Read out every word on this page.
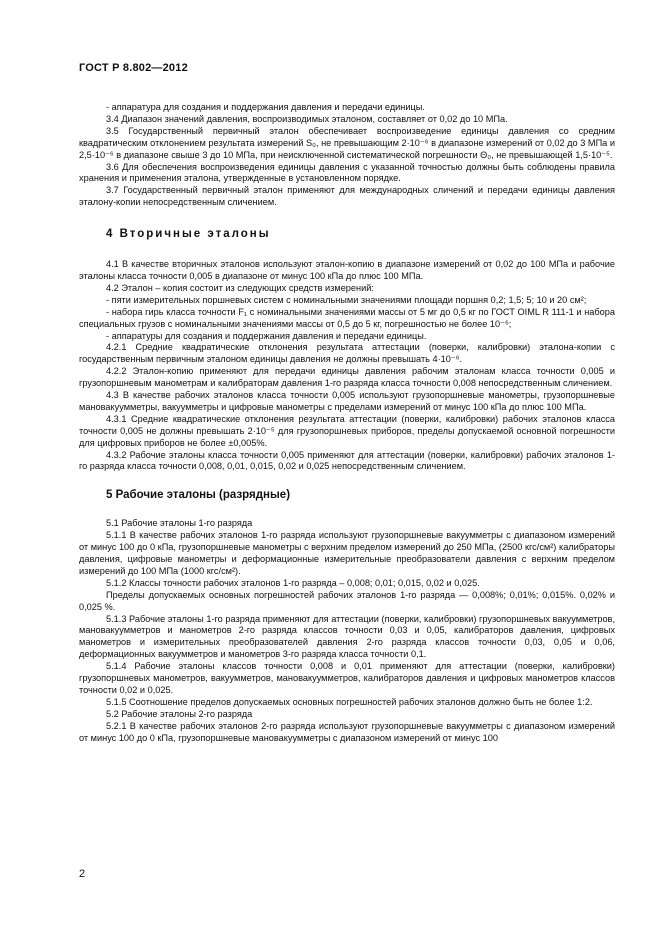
ГОСТ Р 8.802—2012

- аппаратура для создания и поддержания давления и передачи единицы.

3.4 Диапазон значений давления, воспроизводимых эталоном, составляет от 0,02 до 10 МПа.

3.5 Государственный первичный эталон обеспечивает воспроизведение единицы давления со средним квадратическим отклонением результата измерений S₀, не превышающим 2·10⁻⁶ в диапазоне измерений от 0,02 до 3 МПа и 2,5·10⁻⁶ в диапазоне свыше 3 до 10 МПа, при неисключенной систематической погрешности Θ₀, не превышающей 1,5·10⁻⁵.

3.6 Для обеспечения воспроизведения единицы давления с указанной точностью должны быть соблюдены правила хранения и применения эталона, утвержденные в установленном порядке.

3.7 Государственный первичный эталон применяют для международных сличений и передачи единицы давления эталону-копии непосредственным сличением.

4 Вторичные эталоны

4.1 В качестве вторичных эталонов используют эталон-копию в диапазоне измерений от 0,02 до 100 МПа и рабочие эталоны класса точности 0,005 в диапазоне от минус 100 кПа до плюс 100 МПа.

4.2 Эталон – копия состоит из следующих средств измерений:

- пяти измерительных поршневых систем с номинальными значениями площади поршня 0,2; 1,5; 5; 10 и 20 см²;

- набора гирь класса точности F₁ с номинальными значениями массы от 5 мг до 0,5 кг по ГОСТ OIML R 111-1 и набора специальных грузов с номинальными значениями массы от 0,5 до 5 кг, погрешностью не более 10⁻⁶;

- аппаратуры для создания и поддержания давления и передачи единицы.

4.2.1 Средние квадратические отклонения результата аттестации (поверки, калибровки) эталона-копии с государственным первичным эталоном единицы давления не должны превышать 4·10⁻⁶.

4.2.2 Эталон-копию применяют для передачи единицы давления рабочим эталонам класса точности 0,005 и грузопоршневым манометрам и калибраторам давления 1-го разряда класса точности 0,008 непосредственным сличением.

4.3 В качестве рабочих эталонов класса точности 0,005 используют грузопоршневые манометры, грузопоршневые мановакуумметры, вакуумметры и цифровые манометры с пределами измерений от минус 100 кПа до плюс 100 МПа.

4.3.1 Средние квадратические отклонения результата аттестации (поверки, калибровки) рабочих эталонов класса точности 0,005 не должны превышать 2·10⁻⁵ для грузопоршневых приборов, пределы допускаемой основной погрешности для цифровых приборов не более ±0,005%.

4.3.2 Рабочие эталоны класса точности 0,005 применяют для аттестации (поверки, калибровки) рабочих эталонов 1-го разряда класса точности 0,008, 0,01, 0,015, 0,02 и 0,025 непосредственным сличением.

5 Рабочие эталоны (разрядные)

5.1 Рабочие эталоны 1-го разряда

5.1.1 В качестве рабочих эталонов 1-го разряда используют грузопоршневые вакуумметры с диапазоном измерений от минус 100 до 0 кПа, грузопоршневые манометры с верхним пределом измерений до 250 МПа, (2500 кгс/см²) калибраторы давления, цифровые манометры и деформационные измерительные преобразователи давления с верхним пределом измерений до 100 МПа (1000 кгс/см²).

5.1.2 Классы точности рабочих эталонов 1-го разряда – 0,008; 0,01; 0,015, 0,02 и 0,025.

Пределы допускаемых основных погрешностей рабочих эталонов 1-го разряда — 0,008%; 0,01%; 0,015%. 0,02% и 0,025 %.

5.1.3 Рабочие эталоны 1-го разряда применяют для аттестации (поверки, калибровки) грузопоршневых вакуумметров, мановакуумметров и манометров 2-го разряда классов точности 0,03 и 0,05, калибраторов давления, цифровых манометров и измерительных преобразователей давления 2-го разряда классов точности 0,03, 0,05 и 0,06, деформационных вакуумметров и манометров 3-го разряда класса точности 0,1.

5.1.4 Рабочие эталоны классов точности 0,008 и 0,01 применяют для аттестации (поверки, калибровки) грузопоршневых манометров, вакуумметров, мановакуумметров, калибраторов давления и цифровых манометров классов точности 0,02 и 0,025.

5.1.5 Соотношение пределов допускаемых основных погрешностей рабочих эталонов должно быть не более 1:2.

5.2 Рабочие эталоны 2-го разряда

5.2.1 В качестве рабочих эталонов 2-го разряда используют грузопоршневые вакуумметры с диапазоном измерений от минус 100 до 0 кПа, грузопоршневые мановакуумметры с диапазоном измерений от минус 100

2
